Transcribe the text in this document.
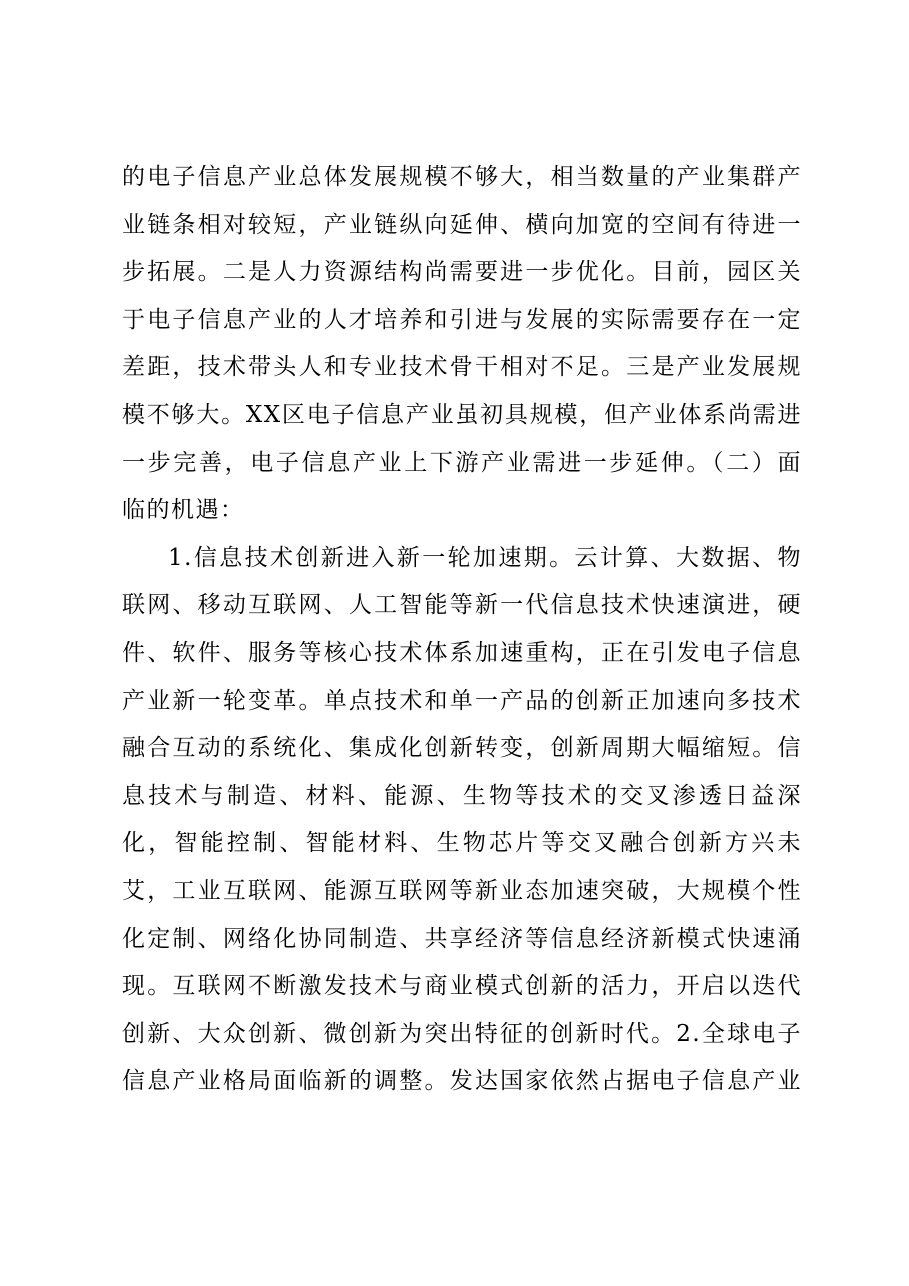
的电子信息产业总体发展规模不够大，相当数量的产业集群产
业链条相对较短，产业链纵向延伸、横向加宽的空间有待进一
步拓展。二是人力资源结构尚需要进一步优化。目前，园区关
于电子信息产业的人才培养和引进与发展的实际需要存在一定
差距，技术带头人和专业技术骨干相对不足。三是产业发展规
模不够大。XX区电子信息产业虽初具规模，但产业体系尚需进
一步完善，电子信息产业上下游产业需进一步延伸。（二）面
临的机遇：
1.信息技术创新进入新一轮加速期。云计算、大数据、物
联网、移动互联网、人工智能等新一代信息技术快速演进，硬
件、软件、服务等核心技术体系加速重构，正在引发电子信息
产业新一轮变革。单点技术和单一产品的创新正加速向多技术
融合互动的系统化、集成化创新转变，创新周期大幅缩短。信
息技术与制造、材料、能源、生物等技术的交叉渗透日益深
化，智能控制、智能材料、生物芯片等交叉融合创新方兴未
艾，工业互联网、能源互联网等新业态加速突破，大规模个性
化定制、网络化协同制造、共享经济等信息经济新模式快速涌
现。互联网不断激发技术与商业模式创新的活力，开启以迭代
创新、大众创新、微创新为突出特征的创新时代。2.全球电子
信息产业格局面临新的调整。发达国家依然占据电子信息产业
